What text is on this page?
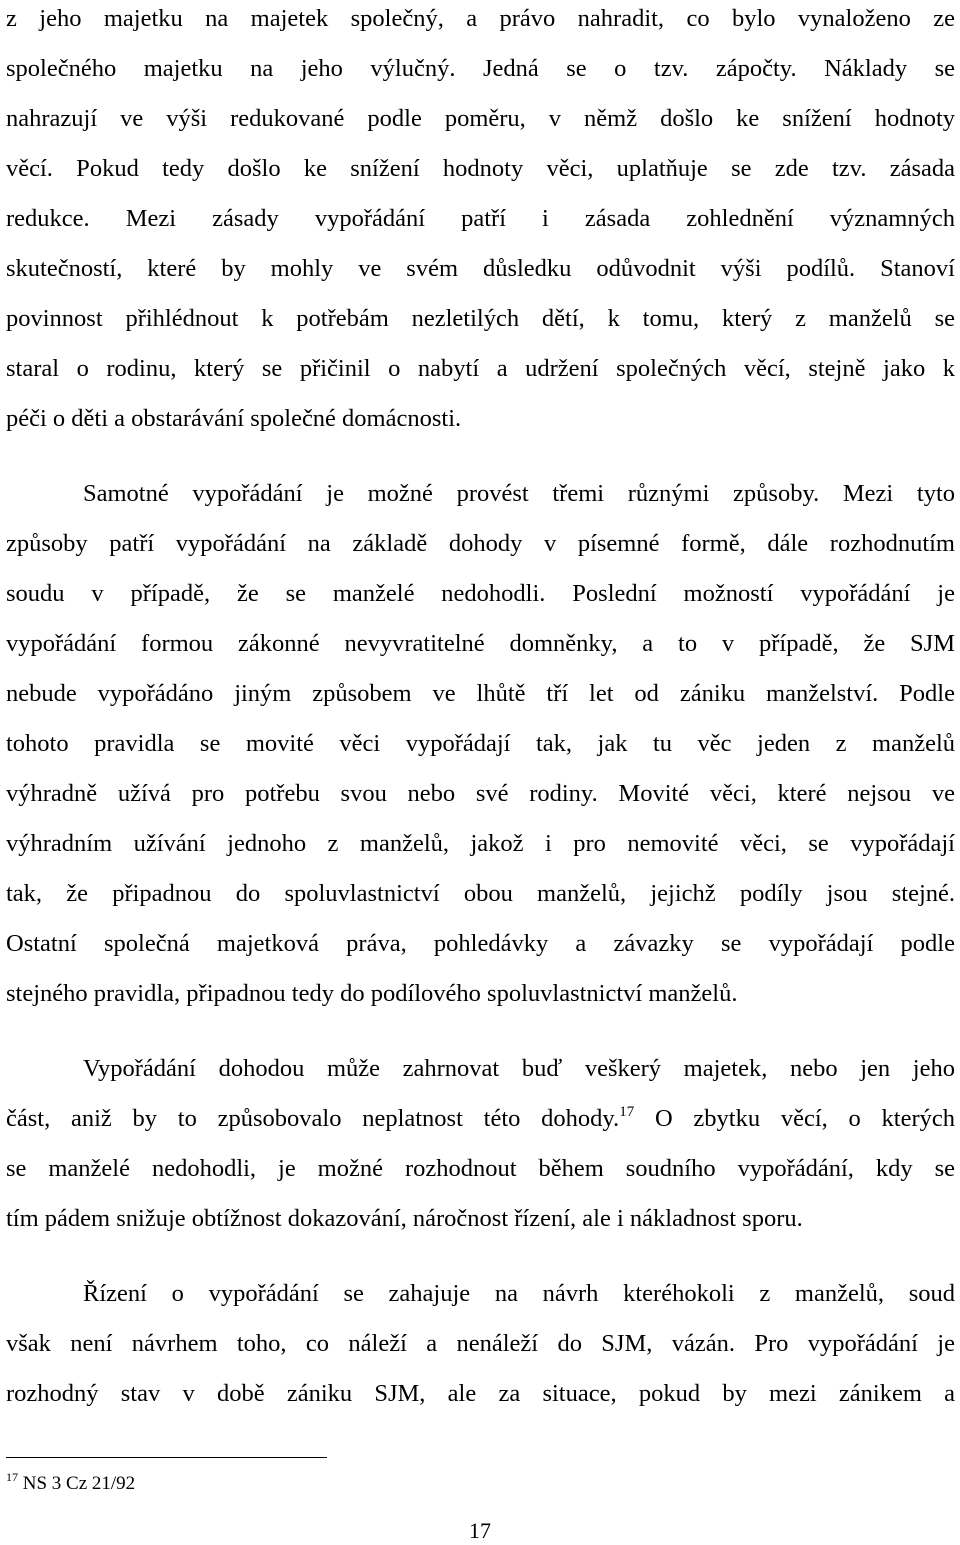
z jeho majetku na majetek společný, a právo nahradit, co bylo vynaloženo ze
společného majetku na jeho výlučný. Jedná se o tzv. zápočty. Náklady se
nahrazují ve výši redukované podle poměru, v němž došlo ke snížení hodnoty
věcí. Pokud tedy došlo ke snížení hodnoty věci, uplatňuje se zde tzv. zásada
redukce. Mezi zásady vypořádání patří i zásada zohlednění významných
skutečností, které by mohly ve svém důsledku odůvodnit výši podílů. Stanoví
povinnost přihlédnout k potřebám nezletilých dětí, k tomu, který z manželů se
staral o rodinu, který se přičinil o nabytí a udržení společných věcí, stejně jako k
péči o děti a obstarávání společné domácnosti.
Samotné vypořádání je možné provést třemi různými způsoby. Mezi tyto
způsoby patří vypořádání na základě dohody v písemné formě, dále rozhodnutím
soudu v případě, že se manželé nedohodli. Poslední možností vypořádání je
vypořádání formou zákonné nevyvratitelné domněnky, a to v případě, že SJM
nebude vypořádáno jiným způsobem ve lhůtě tří let od zániku manželství. Podle
tohoto pravidla se movité věci vypořádají tak, jak tu věc jeden z manželů
výhradně užívá pro potřebu svou nebo své rodiny. Movité věci, které nejsou ve
výhradním užívání jednoho z manželů, jakož i pro nemovité věci, se vypořádají
tak, že připadnou do spoluvlastnictví obou manželů, jejichž podíly jsou stejné.
Ostatní společná majetková práva, pohledávky a závazky se vypořádají podle
stejného pravidla, připadnou tedy do podílového spoluvlastnictví manželů.
Vypořádání dohodou může zahrnovat buď veškerý majetek, nebo jen jeho
část, aniž by to způsobovalo neplatnost této dohody.$^{17}$ O zbytku věcí, o kterých
se manželé nedohodli, je možné rozhodnout během soudního vypořádání, kdy se
tím pádem snižuje obtížnost dokazování, náročnost řízení, ale i nákladnost sporu.
Řízení o vypořádání se zahajuje na návrh kteréhokoli z manželů, soud
však není návrhem toho, co náleží a nenáleží do SJM, vázán. Pro vypořádání je
rozhodný stav v době zániku SJM, ale za situace, pokud by mezi zánikem a
$^{17}$ NS 3 Cz 21/92
17
